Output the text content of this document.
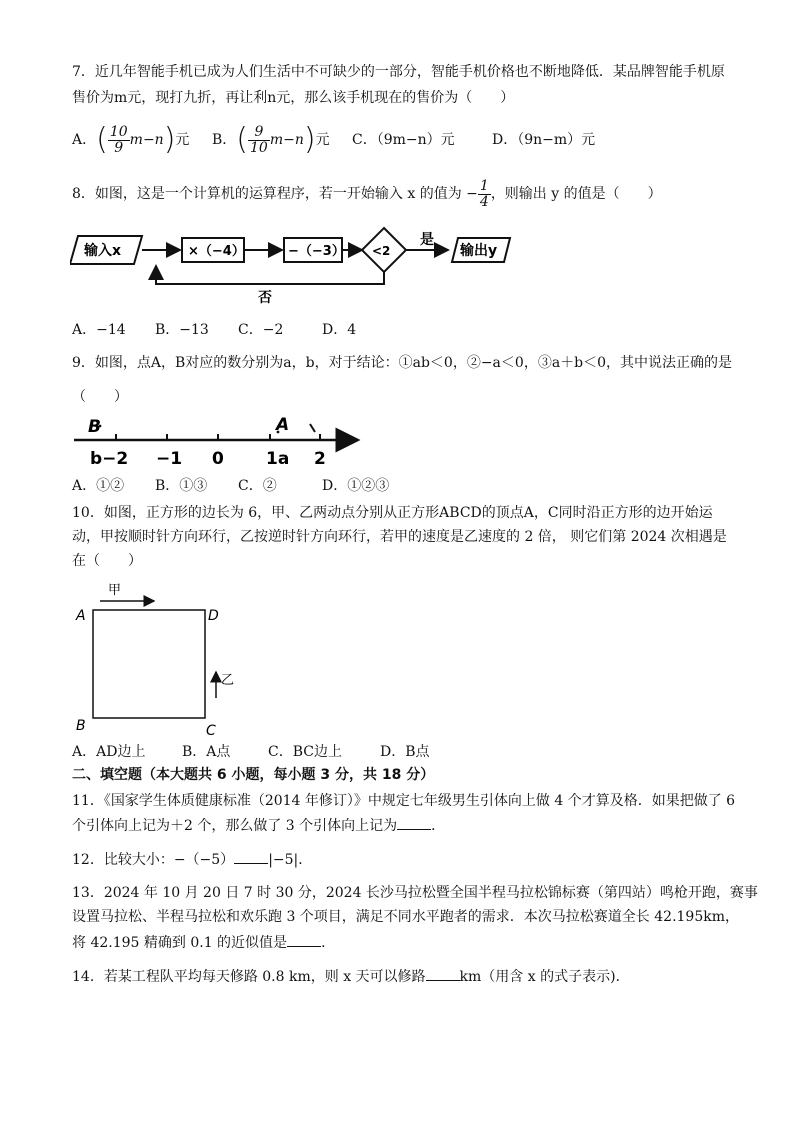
7．近几年智能手机已成为人们生活中不可缺少的一部分，智能手机价格也不断地降低．某品牌智能手机原
售价为m元，现打九折，再让利n元，那么该手机现在的售价为（　　）
A．( $\frac{10}{9} m-n$)元 B．( $\frac{9}{10} m-n$)元 C．（9m−n）元	D．（9n−m）元
8．如图，这是一个计算机的运算程序，若一开始输入 x 的值为 − $\frac{1}{4}$ ，则输出 y 的值是（　　）
输入x	×（−4）	−（−3） <2
是
输出y
否
A．−14 B．−13 C．−2	D．4
9．如图，点A，B对应的数分别为a，b，对于结论：①ab＜0，②−a＜0，③a＋b＜0，其中说法正确的是
（　　）
B	A
b−2 −1 0 1a 2
A．①② B．①③ C．②	D．①②③
10．如图，正方形的边长为 6，甲、乙两动点分别从正方形ABCD的顶点A，C同时沿正方形的边开始运
动，甲按顺时针方向环行，乙按逆时针方向环行，若甲的速度是乙速度的 2 倍， 则它们第 2024 次相遇是
在（　　）
甲
乙
A	D
B	C
A．AD边上	B．A点	C．BC边上	D．B点
二、填空题（本大题共 6 小题，每小题 3 分，共 18 分）
11．《国家学生体质健康标准（2014 年修订）》中规定七年级男生引体向上做 4 个才算及格．如果把做了 6
个引体向上记为＋2 个，那么做了 3 个引体向上记为 ．
12．比较大小：−（−5） |−5|．
13．2024 年 10 月 20 日 7 时 30 分，2024 长沙马拉松暨全国半程马拉松锦标赛（第四站）鸣枪开跑，赛事
设置马拉松、半程马拉松和欢乐跑 3 个项目，满足不同水平跑者的需求．本次马拉松赛道全长 42.195km，
将 42.195 精确到 0.1 的近似值是 ．
14．若某工程队平均每天修路 0.8 km，则 x 天可以修路 km（用含 x 的式子表示)．
